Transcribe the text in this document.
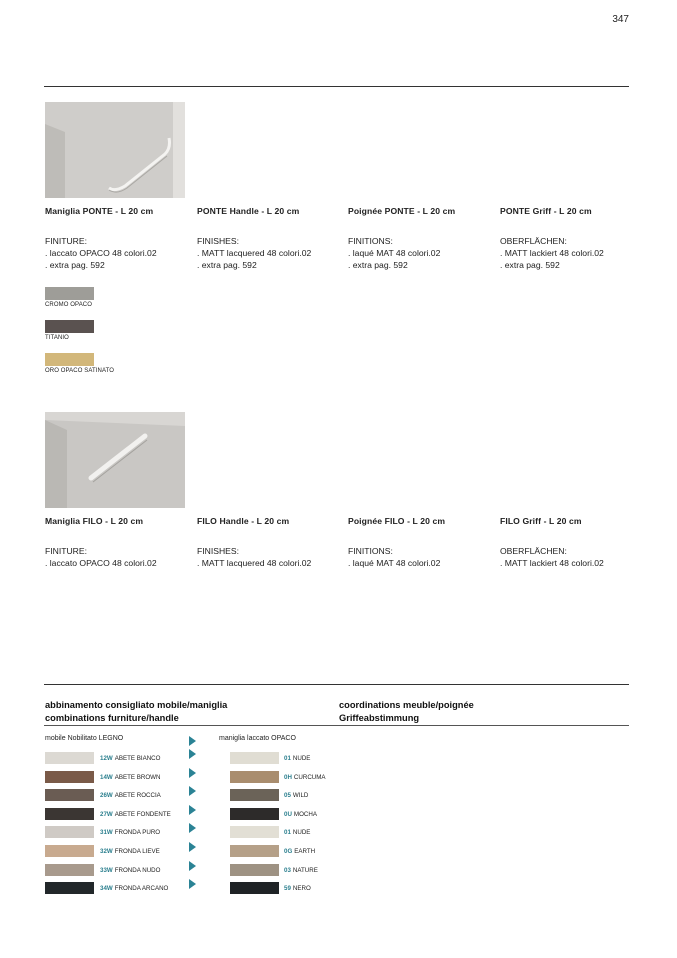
347
Maniglia PONTE - L 20 cm
FINITURE:
. laccato OPACO 48 colori.02
. extra pag. 592
PONTE Handle - L 20 cm
FINISHES:
. MATT lacquered 48 colori.02
. extra pag. 592
Poignée PONTE - L 20 cm
FINITIONS:
. laqué MAT 48 colori.02
. extra pag. 592
PONTE Griff - L 20 cm
OBERFLÄCHEN:
. MATT lackiert 48 colori.02
. extra pag. 592
CROMO OPACO
TITANIO
ORO OPACO SATINATO
Maniglia FILO - L 20 cm
FINITURE:
. laccato OPACO 48 colori.02
FILO Handle - L 20 cm
FINISHES:
. MATT lacquered 48 colori.02
Poignée FILO - L 20 cm
FINITIONS:
. laqué MAT 48 colori.02
FILO Griff - L 20 cm
OBERFLÄCHEN:
. MATT lackiert 48 colori.02
abbinamento consigliato mobile/maniglia
combinations furniture/handle
coordinations meuble/poignée
Griffeabstimmung
mobile Nobilitato LEGNO	maniglia laccato OPACO
12W ABETE BIANCO	01 NUDE
14W ABETE BROWN	0H CURCUMA
26W ABETE ROCCIA	05 WILD
27W ABETE FONDENTE	0U MOCHA
31W FRONDA PURO	01 NUDE
32W FRONDA LIEVE	0G EARTH
33W FRONDA NUDO	03 NATURE
34W FRONDA ARCANO	59 NERO
